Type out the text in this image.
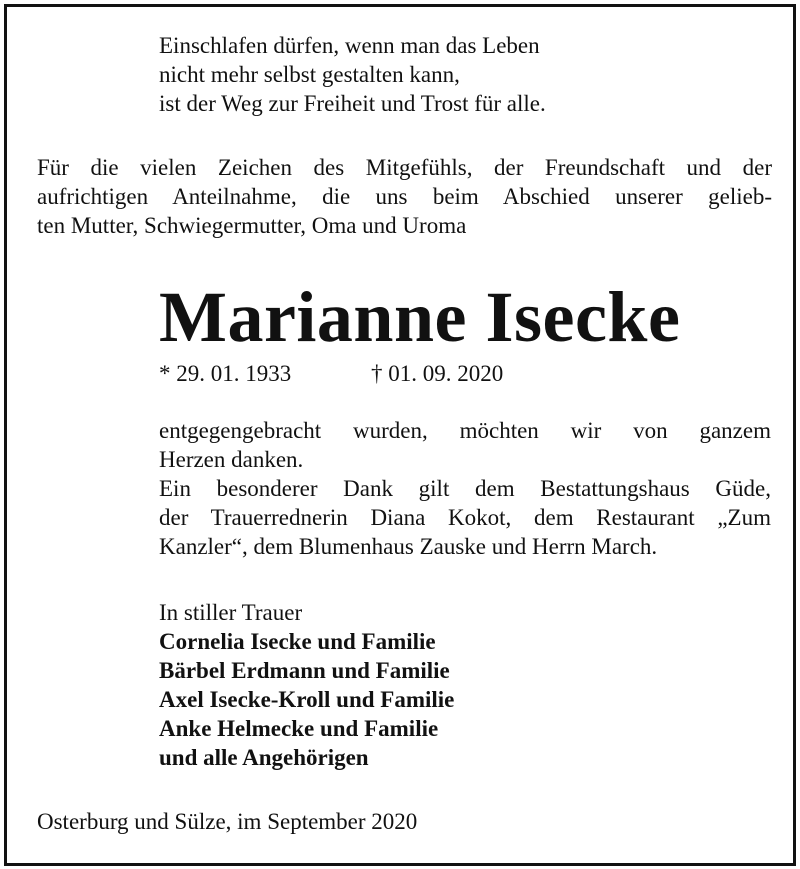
Einschlafen dürfen, wenn man das Leben
nicht mehr selbst gestalten kann,
ist der Weg zur Freiheit und Trost für alle.

Für die vielen Zeichen des Mitgefühls, der Freundschaft und der
aufrichtigen Anteilnahme, die uns beim Abschied unserer gelieb-
ten Mutter, Schwiegermutter, Oma und Uroma

Marianne Isecke
* 29. 01. 1933	† 01. 09. 2020

entgegengebracht wurden, möchten wir von ganzem
Herzen danken.
Ein besonderer Dank gilt dem Bestattungshaus Güde,
der Trauerrednerin Diana Kokot, dem Restaurant „Zum
Kanzler“, dem Blumenhaus Zauske und Herrn March.

In stiller Trauer
Cornelia Isecke und Familie
Bärbel Erdmann und Familie
Axel Isecke-Kroll und Familie
Anke Helmecke und Familie
und alle Angehörigen

Osterburg und Sülze, im September 2020
